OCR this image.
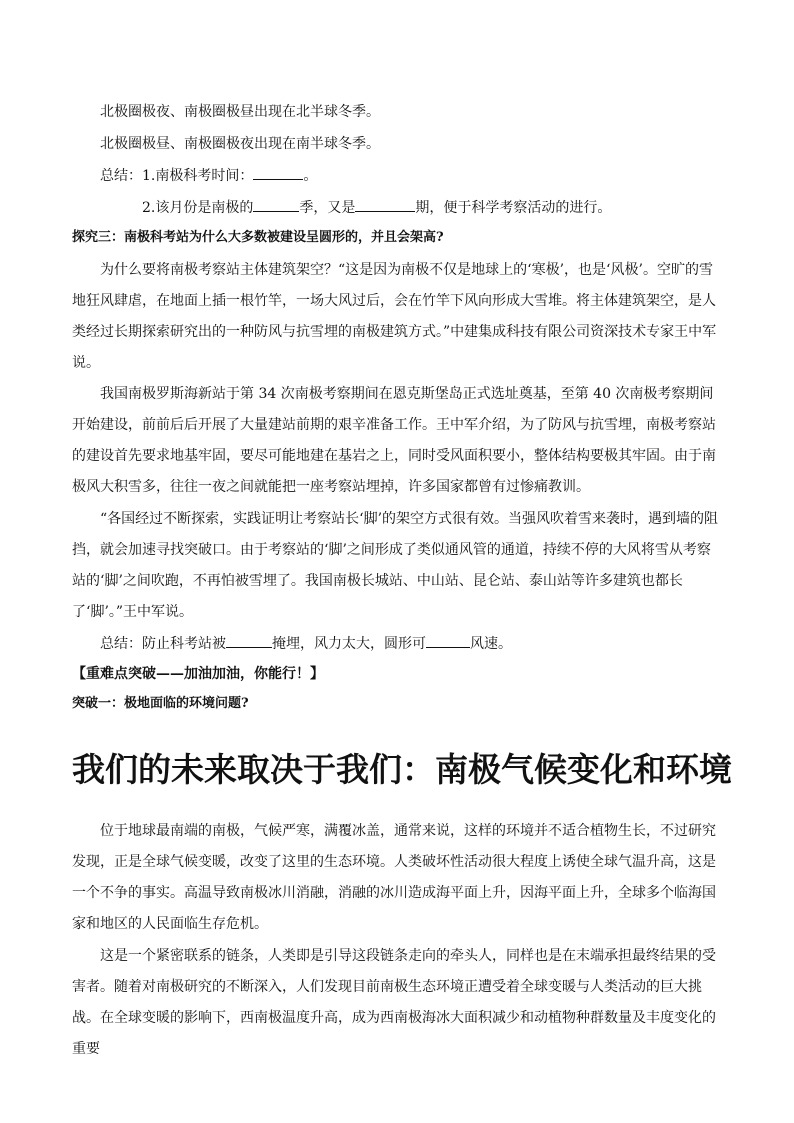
北极圈极夜、南极圈极昼出现在北半球冬季。
北极圈极昼、南极圈极夜出现在南半球冬季。
总结：1.南极科考时间：	。
2.该月份是南极的	季，又是	期，便于科学考察活动的进行。
探究三：南极科考站为什么大多数被建设呈圆形的，并且会架高?
为什么要将南极考察站主体建筑架空？“这是因为南极不仅是地球上的‘寒极’，也是‘风极’。空旷的雪地狂风肆虐，在地面上插一根竹竿，一场大风过后，会在竹竿下风向形成大雪堆。将主体建筑架空，是人类经过长期探索研究出的一种防风与抗雪埋的南极建筑方式。”中建集成科技有限公司资深技术专家王中军说。
我国南极罗斯海新站于第 34 次南极考察期间在恩克斯堡岛正式选址奠基，至第 40 次南极考察期间开始建设，前前后后开展了大量建站前期的艰辛准备工作。王中军介绍，为了防风与抗雪埋，南极考察站的建设首先要求地基牢固，要尽可能地建在基岩之上，同时受风面积要小，整体结构要极其牢固。由于南极风大积雪多，往往一夜之间就能把一座考察站埋掉，许多国家都曾有过惨痛教训。
“各国经过不断探索，实践证明让考察站长‘脚’的架空方式很有效。当强风吹着雪来袭时，遇到墙的阻挡，就会加速寻找突破口。由于考察站的‘脚’之间形成了类似通风管的通道，持续不停的大风将雪从考察站的‘脚’之间吹跑，不再怕被雪埋了。我国南极长城站、中山站、昆仑站、泰山站等许多建筑也都长了‘脚’。”王中军说。
总结：防止科考站被	掩埋，风力太大，圆形可	风速。
【重难点突破——加油加油，你能行！】
突破一：极地面临的环境问题?
我们的未来取决于我们：南极气候变化和环境
位于地球最南端的南极，气候严寒，满覆冰盖，通常来说，这样的环境并不适合植物生长，不过研究发现，正是全球气候变暖，改变了这里的生态环境。人类破坏性活动很大程度上诱使全球气温升高，这是一个不争的事实。高温导致南极冰川消融，消融的冰川造成海平面上升，因海平面上升，全球多个临海国家和地区的人民面临生存危机。
这是一个紧密联系的链条，人类即是引导这段链条走向的牵头人，同样也是在末端承担最终结果的受害者。随着对南极研究的不断深入，人们发现目前南极生态环境正遭受着全球变暖与人类活动的巨大挑战。在全球变暖的影响下，西南极温度升高，成为西南极海冰大面积减少和动植物种群数量及丰度变化的重要
